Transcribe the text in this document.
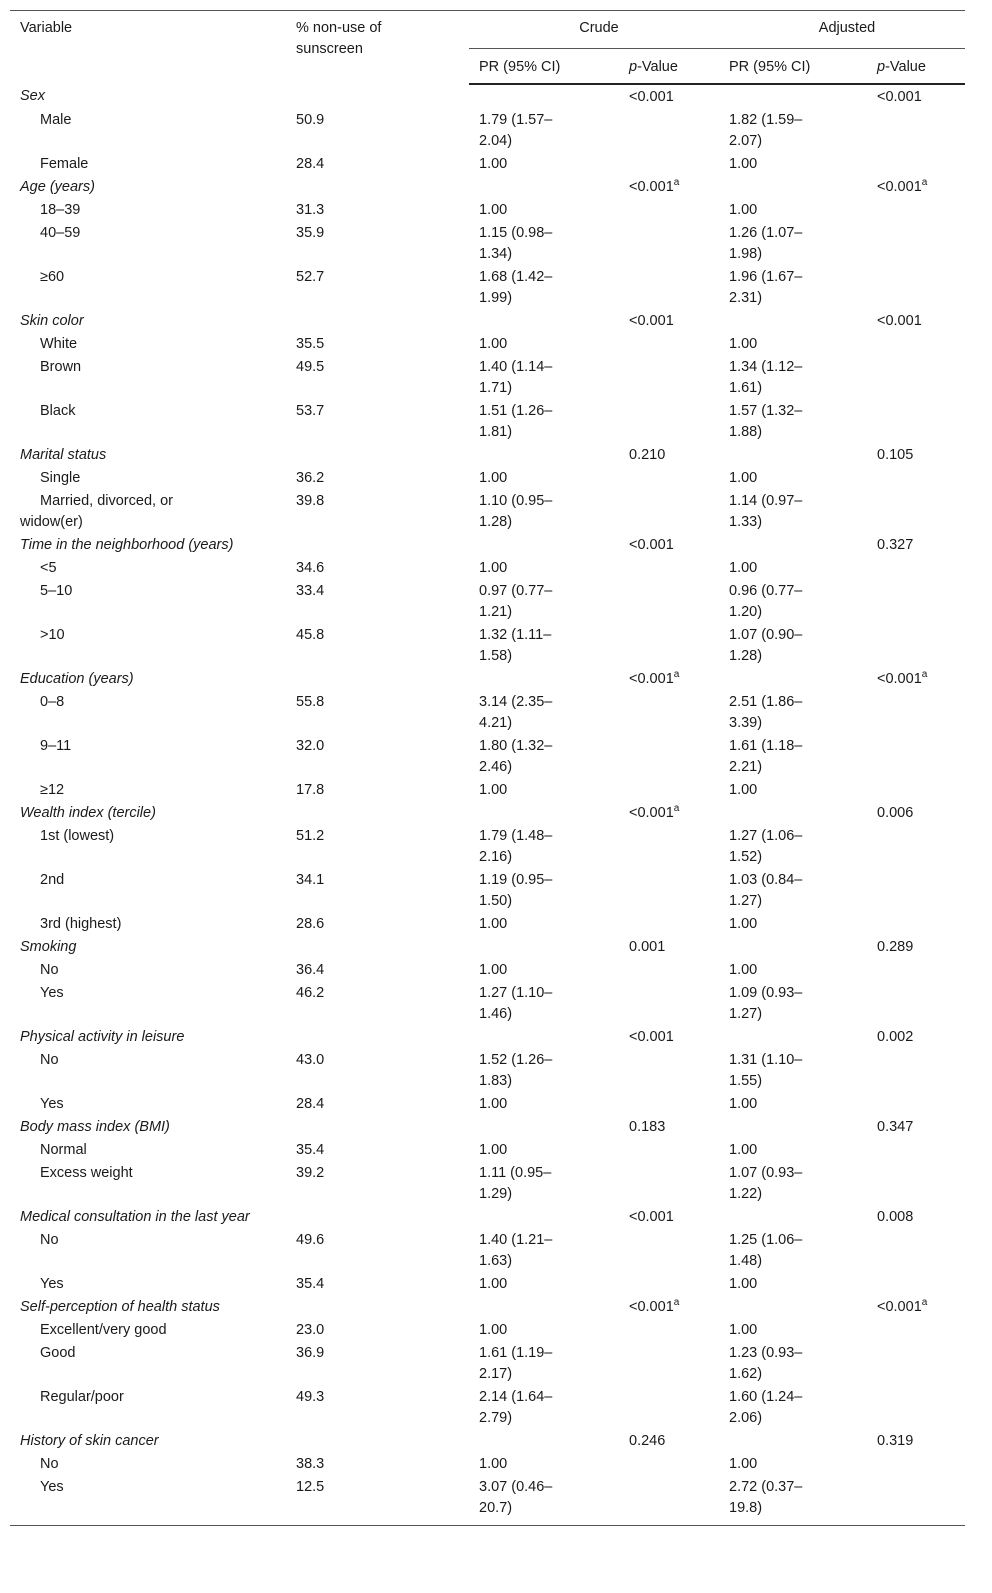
Variable	% non-use of sunscreen	Crude		Adjusted	
		PR (95% CI)	p-Value	PR (95% CI)	p-Value

Sex			<0.001		<0.001
Male	50.9	1.79 (1.57–2.04)		1.82 (1.59–2.07)	

Female	28.4	1.00		1.00	

Age (years)			<0.001$^a$		<0.001$^a$
18–39	31.3	1.00		1.00	

40–59	35.9	1.15 (0.98–1.34)		1.26 (1.07–1.98)	

≥60	52.7	1.68 (1.42–1.99)		1.96 (1.67–2.31)	

Skin color			<0.001		<0.001
White	35.5	1.00		1.00	

Brown	49.5	1.40 (1.14–1.71)		1.34 (1.12–1.61)	

Black	53.7	1.51 (1.26–1.81)		1.57 (1.32–1.88)	

Marital status			0.210		0.105
Single	36.2	1.00		1.00	

Married, divorced, or widow(er)	39.8	1.10 (0.95–1.28)		1.14 (0.97–1.33)	

Time in the neighborhood (years)			<0.001		0.327
<5	34.6	1.00		1.00	

5–10	33.4	0.97 (0.77–1.21)		0.96 (0.77–1.20)	

>10	45.8	1.32 (1.11–1.58)		1.07 (0.90–1.28)	

Education (years)			<0.001$^a$		<0.001$^a$
0–8	55.8	3.14 (2.35–4.21)		2.51 (1.86–3.39)	

9–11	32.0	1.80 (1.32–2.46)		1.61 (1.18–2.21)	

≥12	17.8	1.00		1.00	

Wealth index (tercile)			<0.001$^a$		0.006
1st (lowest)	51.2	1.79 (1.48–2.16)		1.27 (1.06–1.52)	

2nd	34.1	1.19 (0.95–1.50)		1.03 (0.84–1.27)	

3rd (highest)	28.6	1.00		1.00	

Smoking			0.001		0.289
No	36.4	1.00		1.00	

Yes	46.2	1.27 (1.10–1.46)		1.09 (0.93–1.27)	

Physical activity in leisure			<0.001		0.002
No	43.0	1.52 (1.26–1.83)		1.31 (1.10–1.55)	

Yes	28.4	1.00		1.00	

Body mass index (BMI)			0.183		0.347
Normal	35.4	1.00		1.00	

Excess weight	39.2	1.11 (0.95–1.29)		1.07 (0.93–1.22)	

Medical consultation in the last year			<0.001		0.008
No	49.6	1.40 (1.21–1.63)		1.25 (1.06–1.48)	

Yes	35.4	1.00		1.00	

Self-perception of health status			<0.001$^a$		<0.001$^a$
Excellent/very good	23.0	1.00		1.00	

Good	36.9	1.61 (1.19–2.17)		1.23 (0.93–1.62)	

Regular/poor	49.3	2.14 (1.64–2.79)		1.60 (1.24–2.06)	

History of skin cancer			0.246		0.319
No	38.3	1.00		1.00	

Yes	12.5	3.07 (0.46–20.7)		2.72 (0.37–19.8)	
